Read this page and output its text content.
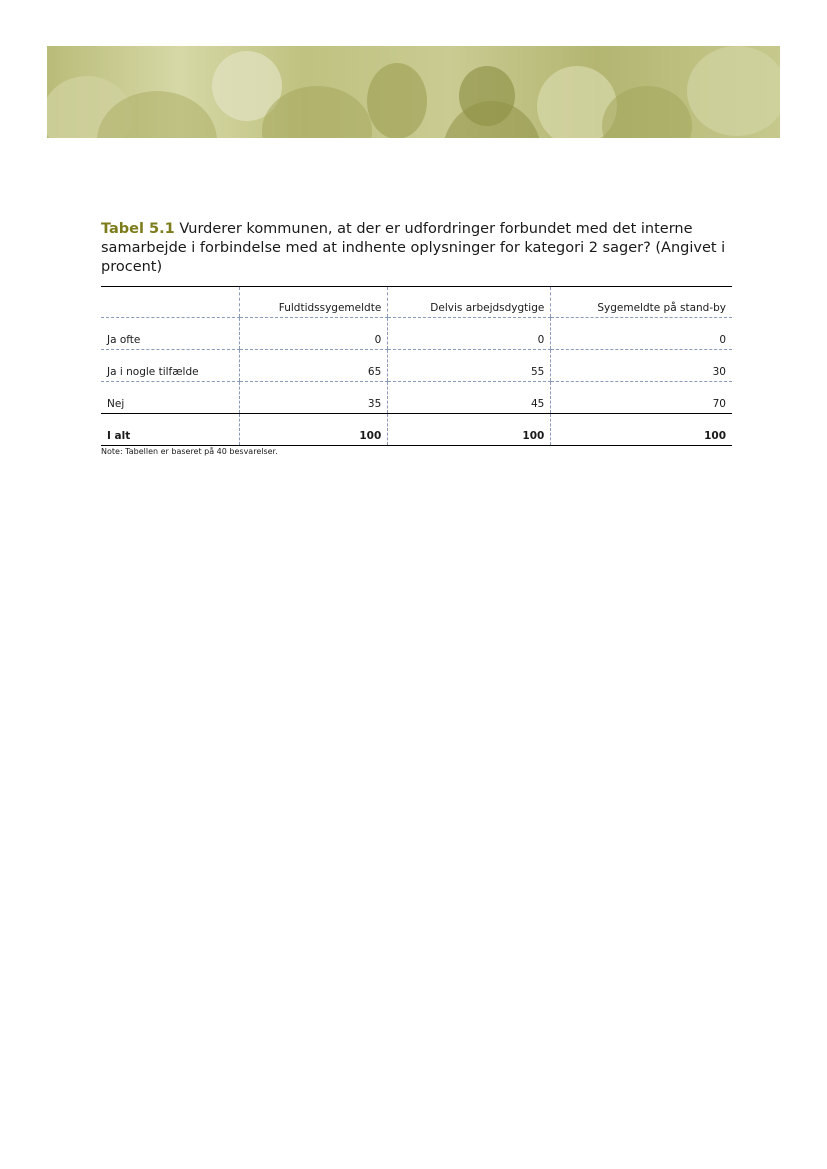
Tabel 5.1 Vurderer kommunen, at der er udfordringer forbundet med det interne samarbejde i forbindelse med at indhente oplysninger for kategori 2 sager? (Angivet i procent)
	Fuldtidssygemeldte	Delvis arbejdsdygtige	Sygemeldte på stand-by
Ja ofte	0	0	0
Ja i nogle tilfælde	65	55	30
Nej	35	45	70
I alt	100	100	100
Note: Tabellen er baseret på 40 besvarelser.
